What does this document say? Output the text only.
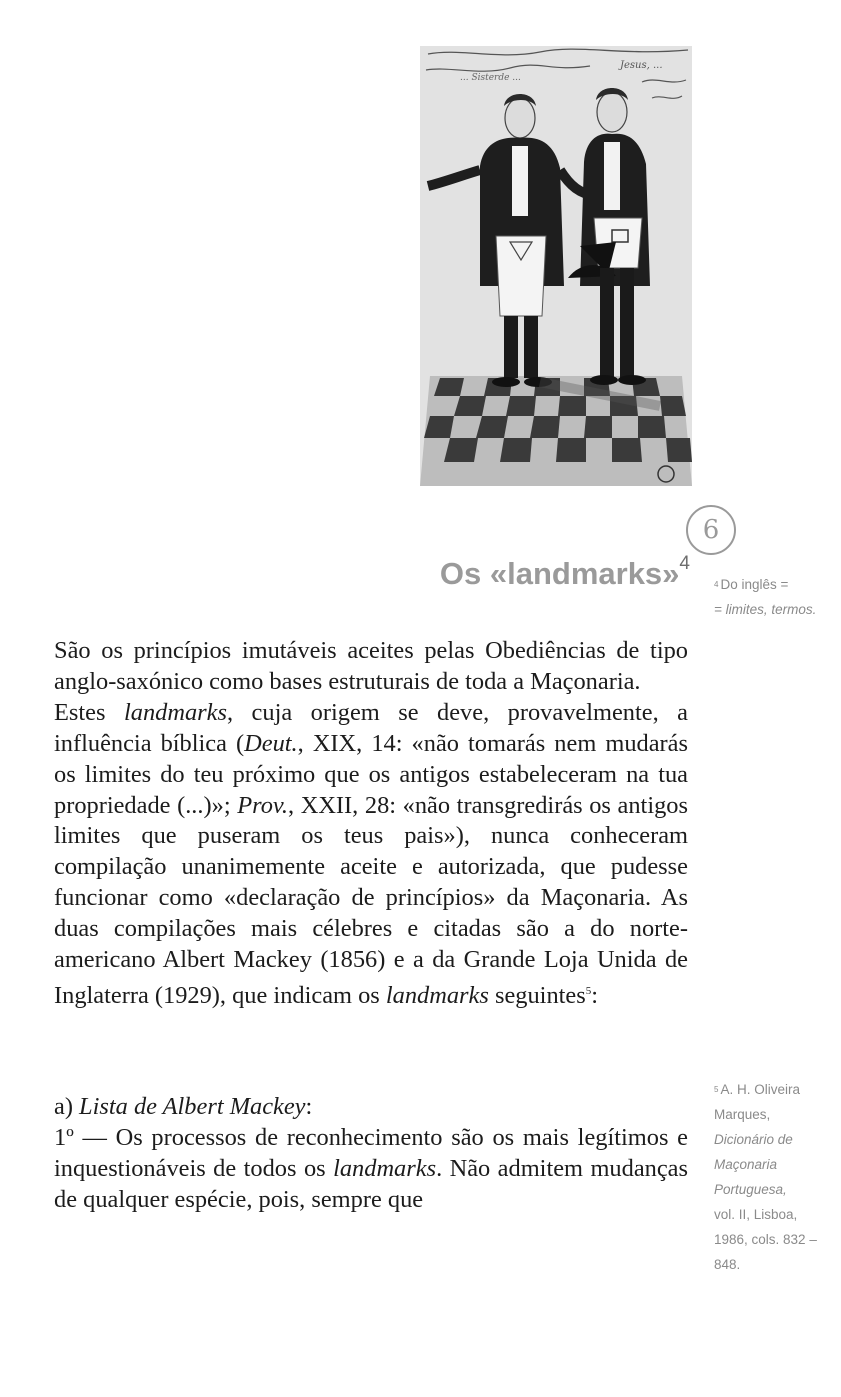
Jesus, ...
... Sisterde ...
6
Os «landmarks»$^4$

São os princípios imutáveis aceites pelas Obediências de tipo anglo-saxónico como bases estruturais de toda a Maçonaria.

Estes landmarks, cuja origem se deve, provavelmente, a influência bíblica (Deut., XIX, 14: «não tomarás nem mudarás os limites do teu próximo que os antigos estabeleceram na tua propriedade (...)»; Prov., XXII, 28: «não transgredirás os antigos limites que puseram os teus pais»), nunca conheceram compilação unanimemente aceite e autorizada, que pudesse funcionar como «declaração de princípios» da Maçonaria. As duas compilações mais célebres e citadas são a do norte-americano Albert Mackey (1856) e a da Grande Loja Unida de Inglaterra (1929), que indicam os landmarks seguintes$^5$:

a) Lista de Albert Mackey:

1º — Os processos de reconhecimento são os mais legítimos e inquestionáveis de todos os landmarks. Não admitem mudanças de qualquer espécie, pois, sempre que

$^4$ Do inglês =
= limites, termos.
$^5$ A. H. Oliveira Marques,
Dicionário de Maçonaria Portuguesa,
vol. II, Lisboa, 1986, cols. 832 – 848.
